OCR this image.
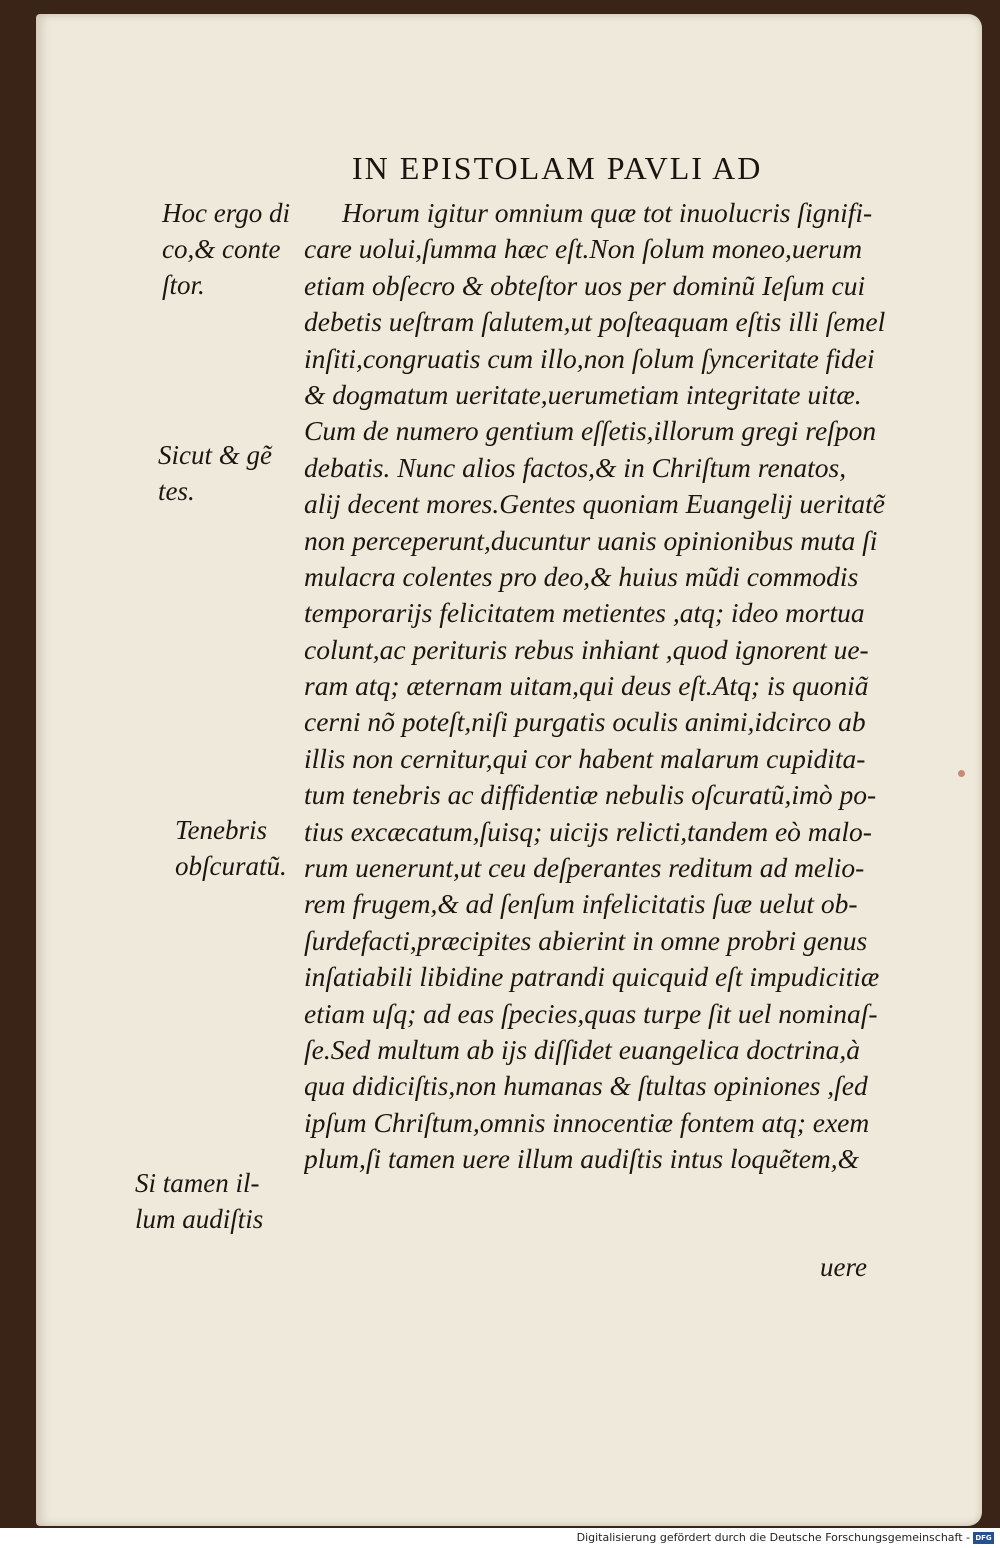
IN EPISTOLAM PAVLI AD
Horum igitur omnium quæ tot inuolucris ſignifi-
care uolui,ſumma hæc eſt.Non ſolum moneo,uerum
etiam obſecro & obteſtor uos per dominũ Ieſum cui
debetis ueſtram ſalutem,ut poſteaquam eſtis illi ſemel
inſiti,congruatis cum illo,non ſolum ſynceritate fidei
& dogmatum ueritate,uerumetiam integritate uitæ.
Cum de numero gentium eſſetis,illorum gregi reſpon
debatis. Nunc alios factos,& in Chriſtum renatos,
alij decent mores.Gentes quoniam Euangelij ueritatẽ
non perceperunt,ducuntur uanis opinionibus muta ſi
mulacra colentes pro deo,& huius mũdi commodis
temporarijs felicitatem metientes ,atq; ideo mortua
colunt,ac perituris rebus inhiant ,quod ignorent ue-
ram atq; æternam uitam,qui deus eſt.Atq; is quoniã
cerni nõ poteſt,niſi purgatis oculis animi,idcirco ab
illis non cernitur,qui cor habent malarum cupidita-
tum tenebris ac diffidentiæ nebulis oſcuratũ,imò po-
tius excæcatum,ſuisq; uicijs relicti,tandem eò malo-
rum uenerunt,ut ceu deſperantes reditum ad melio-
rem frugem,& ad ſenſum infelicitatis ſuæ uelut ob-
ſurdefacti,præcipites abierint in omne probri genus
inſatiabili libidine patrandi quicquid eſt impudicitiæ
etiam uſq; ad eas ſpecies,quas turpe ſit uel nominaſ-
ſe.Sed multum ab ijs diſſidet euangelica doctrina,à
qua didiciſtis,non humanas & ſtultas opiniones ,ſed
ipſum Chriſtum,omnis innocentiæ fontem atq; exem
plum,ſi tamen uere illum audiſtis intus loquẽtem,&
uere
Hoc ergo di
co,& conte
ſtor.
Sicut & gẽ
tes.
Tenebris
obſcuratũ.
Si tamen il-
lum audiſtis
Digitalisierung gefördert durch die Deutsche Forschungsgemeinschaft - DFG
